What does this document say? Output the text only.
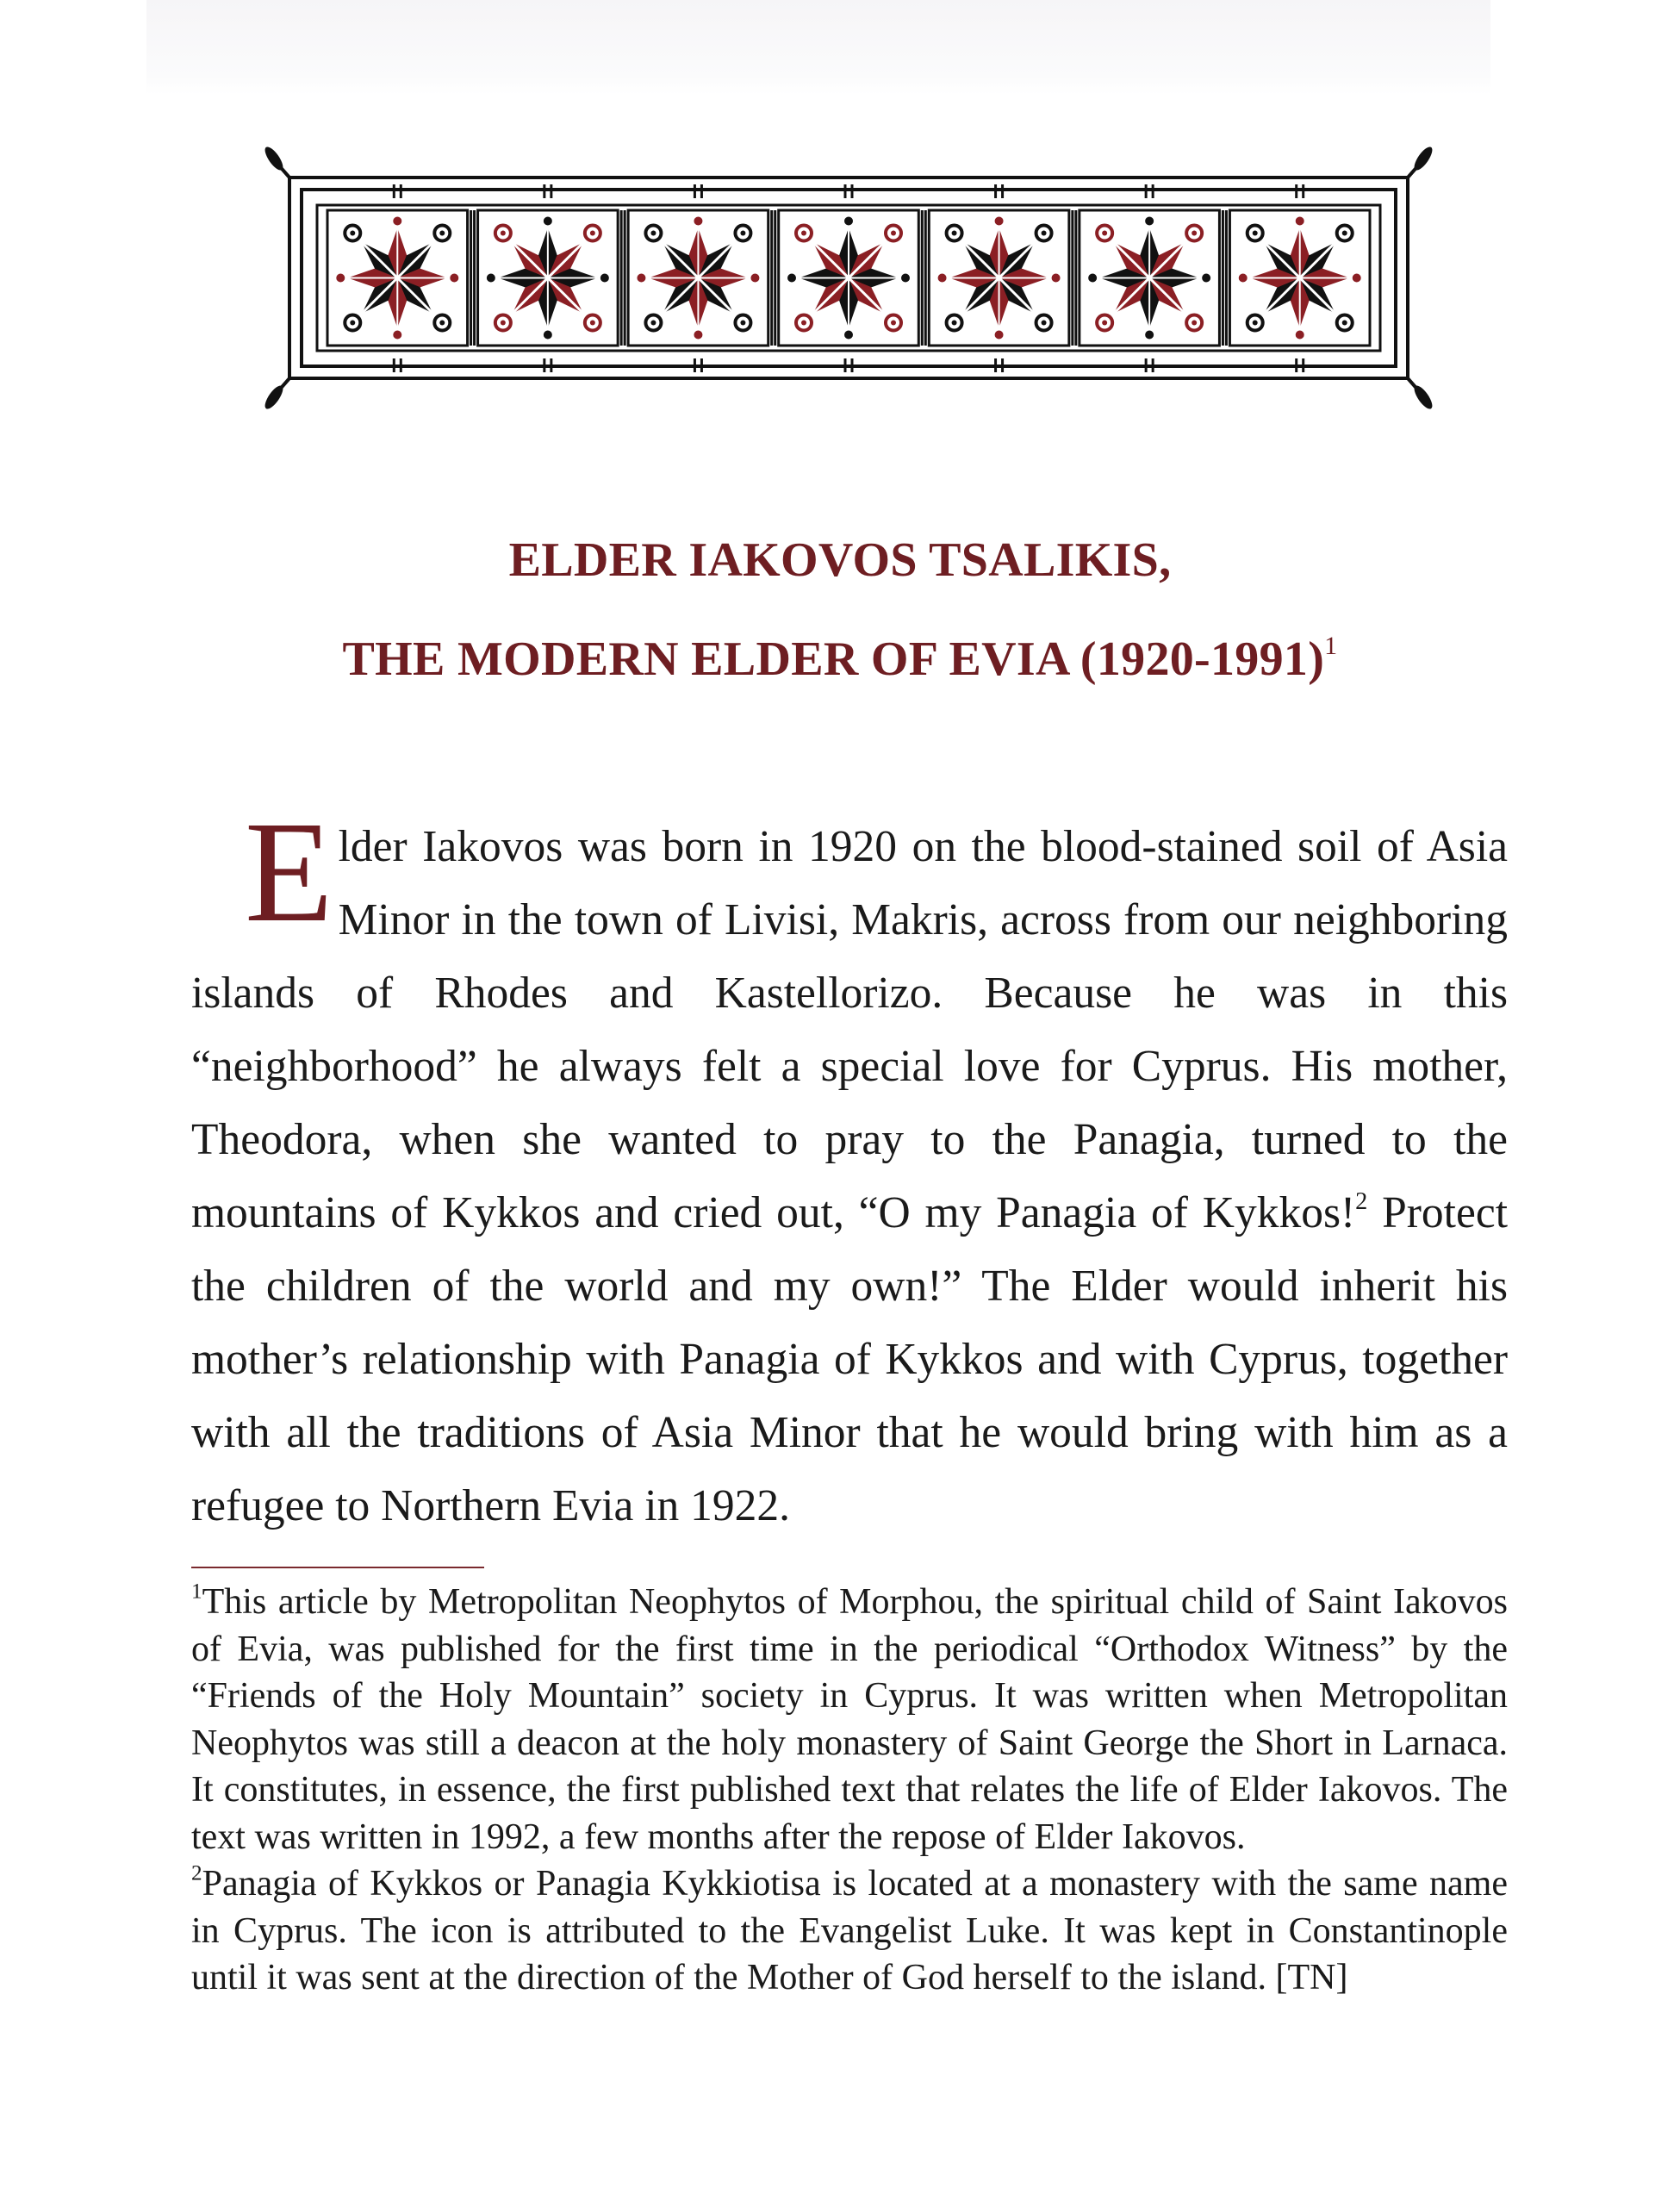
ELDER IAKOVOS TSALIKIS,
THE MODERN ELDER OF EVIA (1920-1991)$^1$

Elder Iakovos was born in 1920 on the blood-stained soil of Asia Minor in the town of Livisi, Makris, across from our neighboring islands of Rhodes and Kastellorizo. Because he was in this “neighborhood” he always felt a special love for Cyprus. His mother, Theodora, when she wanted to pray to the Panagia, turned to the mountains of Kykkos and cried out, “O my Panagia of Kykkos!$^2$ Protect the children of the world and my own!” The Elder would inherit his mother’s relationship with Panagia of Kykkos and with Cyprus, together with all the traditions of Asia Minor that he would bring with him as a refugee to Northern Evia in 1922.

$^1$This article by Metropolitan Neophytos of Morphou, the spiritual child of Saint Iakovos of Evia, was published for the first time in the periodical “Orthodox Witness” by the “Friends of the Holy Mountain” society in Cyprus. It was written when Metropolitan Neophytos was still a deacon at the holy monastery of Saint George the Short in Larnaca. It constitutes, in essence, the first published text that relates the life of Elder Iakovos. The text was written in 1992, a few months after the repose of Elder Iakovos.

$^2$Panagia of Kykkos or Panagia Kykkiotisa is located at a monastery with the same name in Cyprus. The icon is attributed to the Evangelist Luke. It was kept in Constantinople until it was sent at the direction of the Mother of God herself to the island. [TN]
